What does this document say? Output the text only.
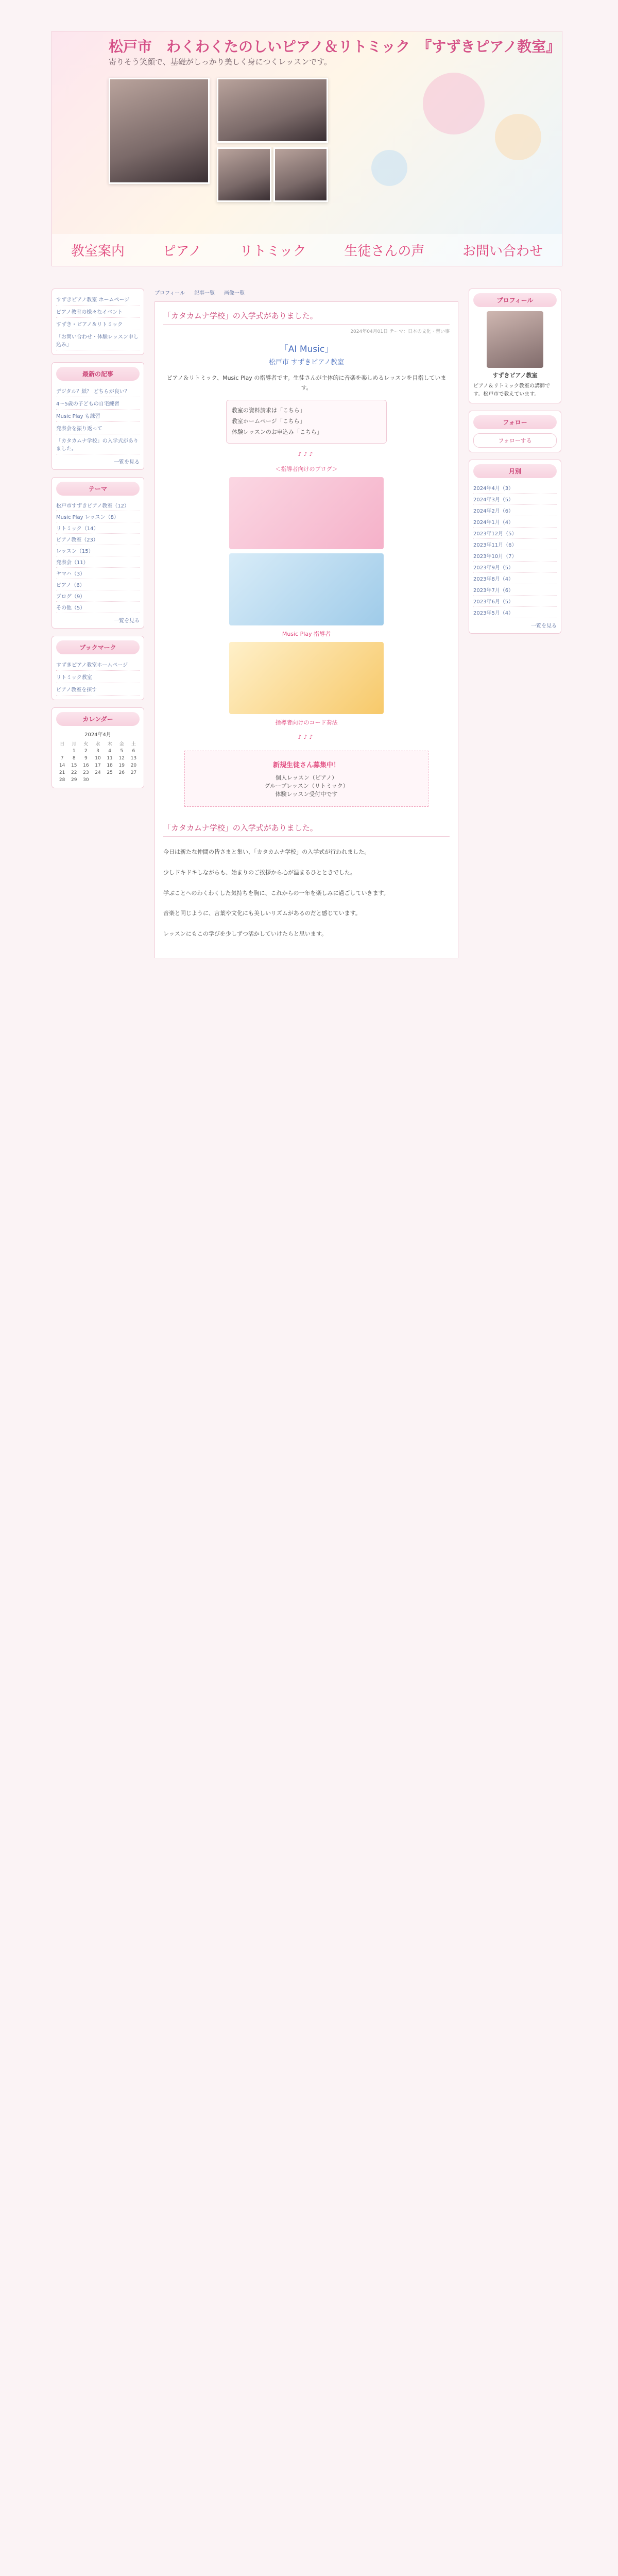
松戸市　わくわくたのしいピアノ＆リトミック　『すずきピアノ教室』
寄りそう笑顔で、基礎がしっかり美しく身につくレッスンです。
教室案内	ピアノ	リトミック	生徒さんの声	お問い合わせ
すずきピアノ教室 ホームページ
ピアノ教室の様々なイベント
すずき・ピアノ＆リトミック
「お問い合わせ・体験レッスン申し込み」
最新の記事
デジタル？紙？ どちらが良い？
4〜5歳の子どもの自宅練習
Music Play も練習
発表会を振り返って
「カタカムナ学校」の入学式がありました。
一覧を見る
テーマ
松戸市すずきピアノ教室（12）
Music Play レッスン（8）
リトミック（14）
ピアノ教室（23）
レッスン（15）
発表会（11）
ヤマハ（3）
ピアノ（6）
ブログ（9）
その他（5）
一覧を見る
ブックマーク
すずきピアノ教室ホームページ
リトミック教室
ピアノ教室を探す
カレンダー
2024年4月
日	月	火	水	木	金	土
	1	2	3	4	5	6
7	8	9	10	11	12	13
14	15	16	17	18	19	20
21	22	23	24	25	26	27
28	29	30				
プロフィール 記事一覧 画像一覧
「カタカムナ学校」の入学式がありました。
2024年04月01日 テーマ：日本の文化・習い事
「AI Music」
松戸市 すずきピアノ教室
ピアノ＆リトミック、Music Play の指導者です。生徒さんが主体的に音楽を楽しめるレッスンを目指しています。
教室の資料請求は「こちら」
教室ホームページ「こちら」
体験レッスンのお申込み「こちら」
♪♪♪
＜指導者向けのブログ＞
Music Play 指導者
指導者向けのコード奏法
♪♪♪
新規生徒さん募集中！
個人レッスン（ピアノ）
グループレッスン（リトミック）
体験レッスン受付中です
「カタカムナ学校」の入学式がありました。

今日は新たな仲間の皆さまと集い、「カタカムナ学校」の入学式が行われました。

少しドキドキしながらも、始まりのご挨拶から心が温まるひとときでした。

学ぶことへのわくわくした気持ちを胸に、これからの一年を楽しみに過ごしていきます。

音楽と同じように、言葉や文化にも美しいリズムがあるのだと感じています。

レッスンにもこの学びを少しずつ活かしていけたらと思います。

プロフィール
すずきピアノ教室
ピアノ＆リトミック教室の講師です。松戸市で教えています。
フォロー
フォローする
月別
2024年4月（3）
2024年3月（5）
2024年2月（6）
2024年1月（4）
2023年12月（5）
2023年11月（6）
2023年10月（7）
2023年9月（5）
2023年8月（4）
2023年7月（6）
2023年6月（5）
2023年5月（4）
一覧を見る
